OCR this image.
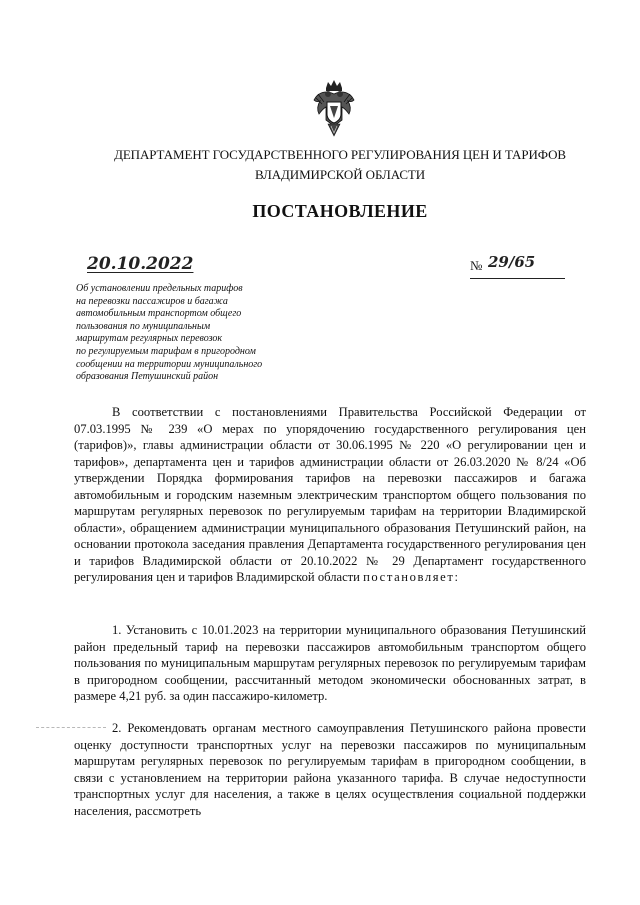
ДЕПАРТАМЕНТ ГОСУДАРСТВЕННОГО РЕГУЛИРОВАНИЯ ЦЕН И ТАРИФОВ
ВЛАДИМИРСКОЙ ОБЛАСТИ
ПОСТАНОВЛЕНИЕ
20.10.2022	№ 29/65
Об установлении предельных тарифов
на перевозки пассажиров и багажа
автомобильным транспортом общего
пользования по муниципальным
маршрутам регулярных перевозок
по регулируемым тарифам в пригородном
сообщении на территории муниципального
образования Петушинский район

В соответствии с постановлениями Правительства Российской Федерации от 07.03.1995 № 239 «О мерах по упорядочению государственного регулирования цен (тарифов)», главы администрации области от 30.06.1995 № 220 «О регулировании цен и тарифов», департамента цен и тарифов администрации области от 26.03.2020 № 8/24 «Об утверждении Порядка формирования тарифов на перевозки пассажиров и багажа автомобильным и городским наземным электрическим транспортом общего пользования по маршрутам регулярных перевозок по регулируемым тарифам на территории Владимирской области», обращением администрации муниципального образования Петушинский район, на основании протокола заседания правления Департамента государственного регулирования цен и тарифов Владимирской области от 20.10.2022 № 29 Департамент государственного регулирования цен и тарифов Владимирской области постановляет:

1. Установить с 10.01.2023 на территории муниципального образования Петушинский район предельный тариф на перевозки пассажиров автомобильным транспортом общего пользования по муниципальным маршрутам регулярных перевозок по регулируемым тарифам в пригородном сообщении, рассчитанный методом экономически обоснованных затрат, в размере 4,21 руб. за один пассажиро-километр.

2. Рекомендовать органам местного самоуправления Петушинского района провести оценку доступности транспортных услуг на перевозки пассажиров по муниципальным маршрутам регулярных перевозок по регулируемым тарифам в пригородном сообщении, в связи с установлением на территории района указанного тарифа. В случае недоступности транспортных услуг для населения, а также в целях осуществления социальной поддержки населения, рассмотреть
